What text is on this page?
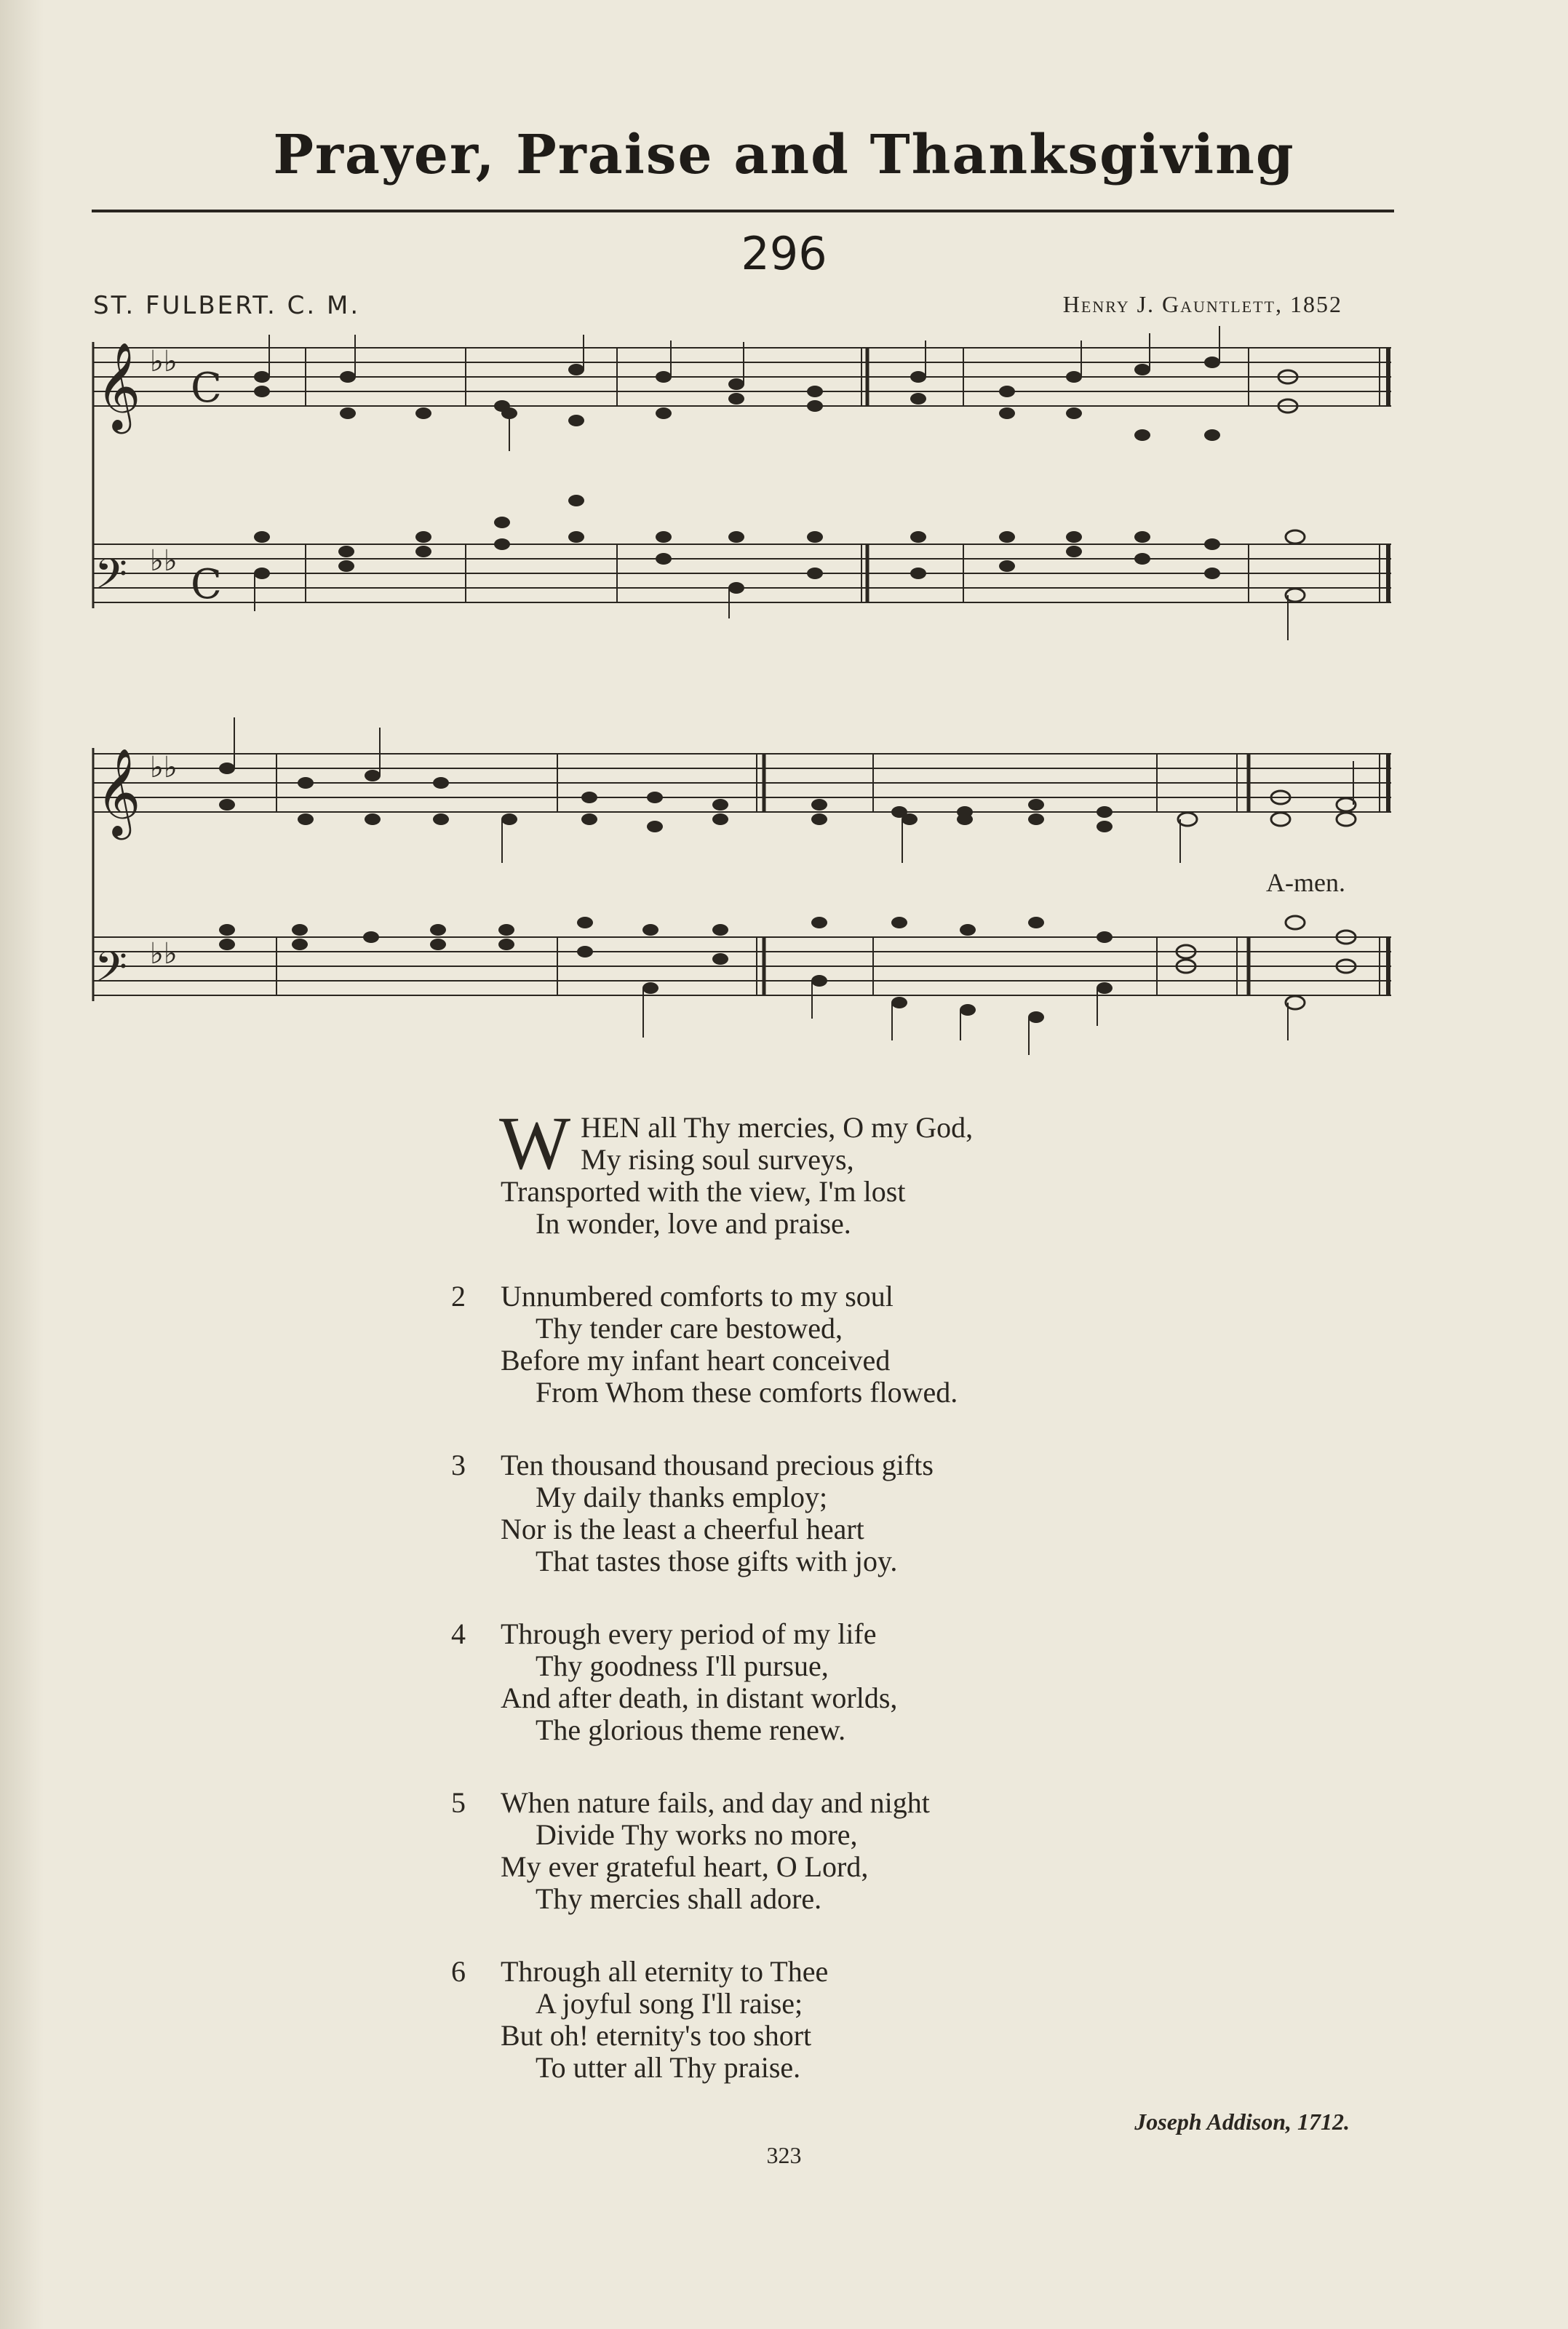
Prayer, Praise and Thanksgiving
296
ST. FULBERT. C. M.	Henry J. Gauntlett, 1852
𝄞
𝄢
♭♭
♭♭
C
C
𝄞
𝄢
♭♭
♭♭
A-men.
W HEN all Thy mercies, O my God,
My rising soul surveys,
Transported with the view, I'm lost
In wonder, love and praise.
2	Unnumbered comforts to my soul
Thy tender care bestowed,
Before my infant heart conceived
From Whom these comforts flowed.
3	Ten thousand thousand precious gifts
My daily thanks employ;
Nor is the least a cheerful heart
That tastes those gifts with joy.
4	Through every period of my life
Thy goodness I'll pursue,
And after death, in distant worlds,
The glorious theme renew.
5	When nature fails, and day and night
Divide Thy works no more,
My ever grateful heart, O Lord,
Thy mercies shall adore.
6	Through all eternity to Thee
A joyful song I'll raise;
But oh! eternity's too short
To utter all Thy praise.
Joseph Addison, 1712.
323
